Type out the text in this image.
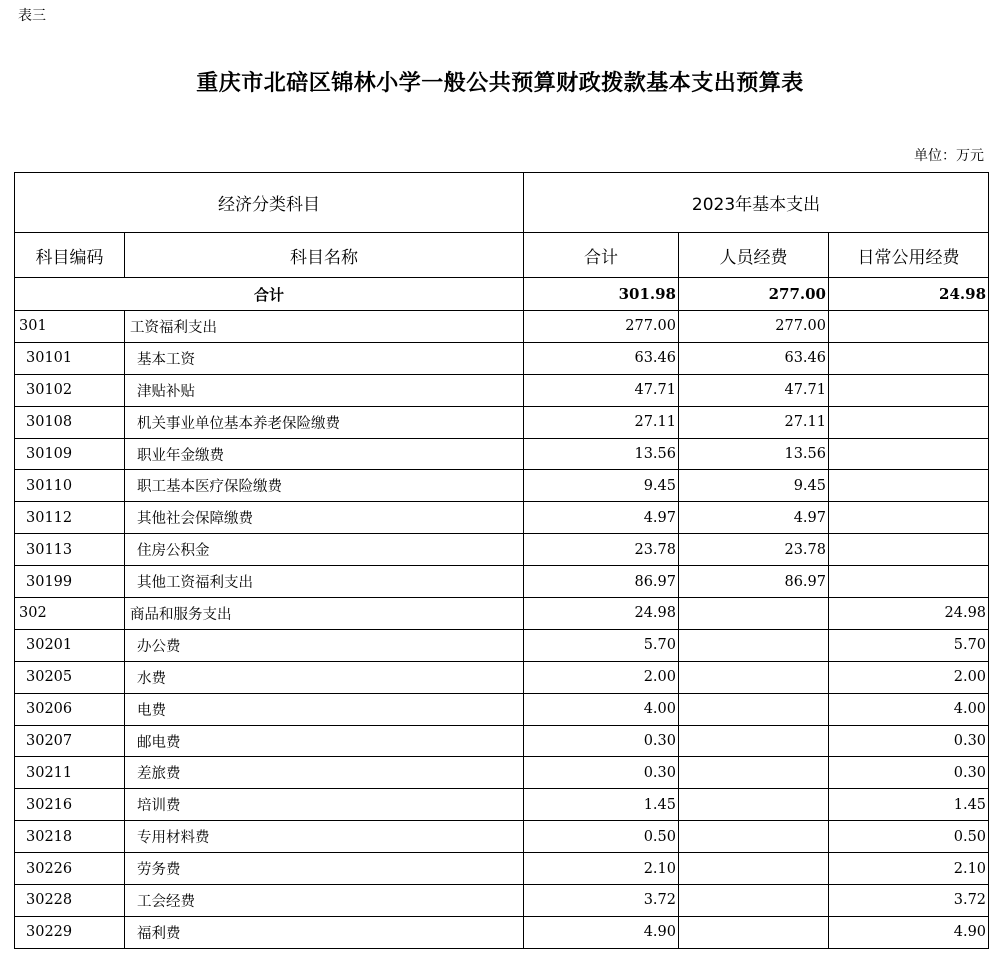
表三
重庆市北碚区锦林小学一般公共预算财政拨款基本支出预算表
单位：万元
经济分类科目		2023年基本支出		
科目编码	科目名称	合计	人员经费	日常公用经费
合计		301.98	277.00	24.98
301	工资福利支出	277.00	277.00	
30101	基本工资	63.46	63.46	
30102	津贴补贴	47.71	47.71	
30108	机关事业单位基本养老保险缴费	27.11	27.11	
30109	职业年金缴费	13.56	13.56	
30110	职工基本医疗保险缴费	9.45	9.45	
30112	其他社会保障缴费	4.97	4.97	
30113	住房公积金	23.78	23.78	
30199	其他工资福利支出	86.97	86.97	
302	商品和服务支出	24.98		24.98
30201	办公费	5.70		5.70
30205	水费	2.00		2.00
30206	电费	4.00		4.00
30207	邮电费	0.30		0.30
30211	差旅费	0.30		0.30
30216	培训费	1.45		1.45
30218	专用材料费	0.50		0.50
30226	劳务费	2.10		2.10
30228	工会经费	3.72		3.72
30229	福利费	4.90		4.90
